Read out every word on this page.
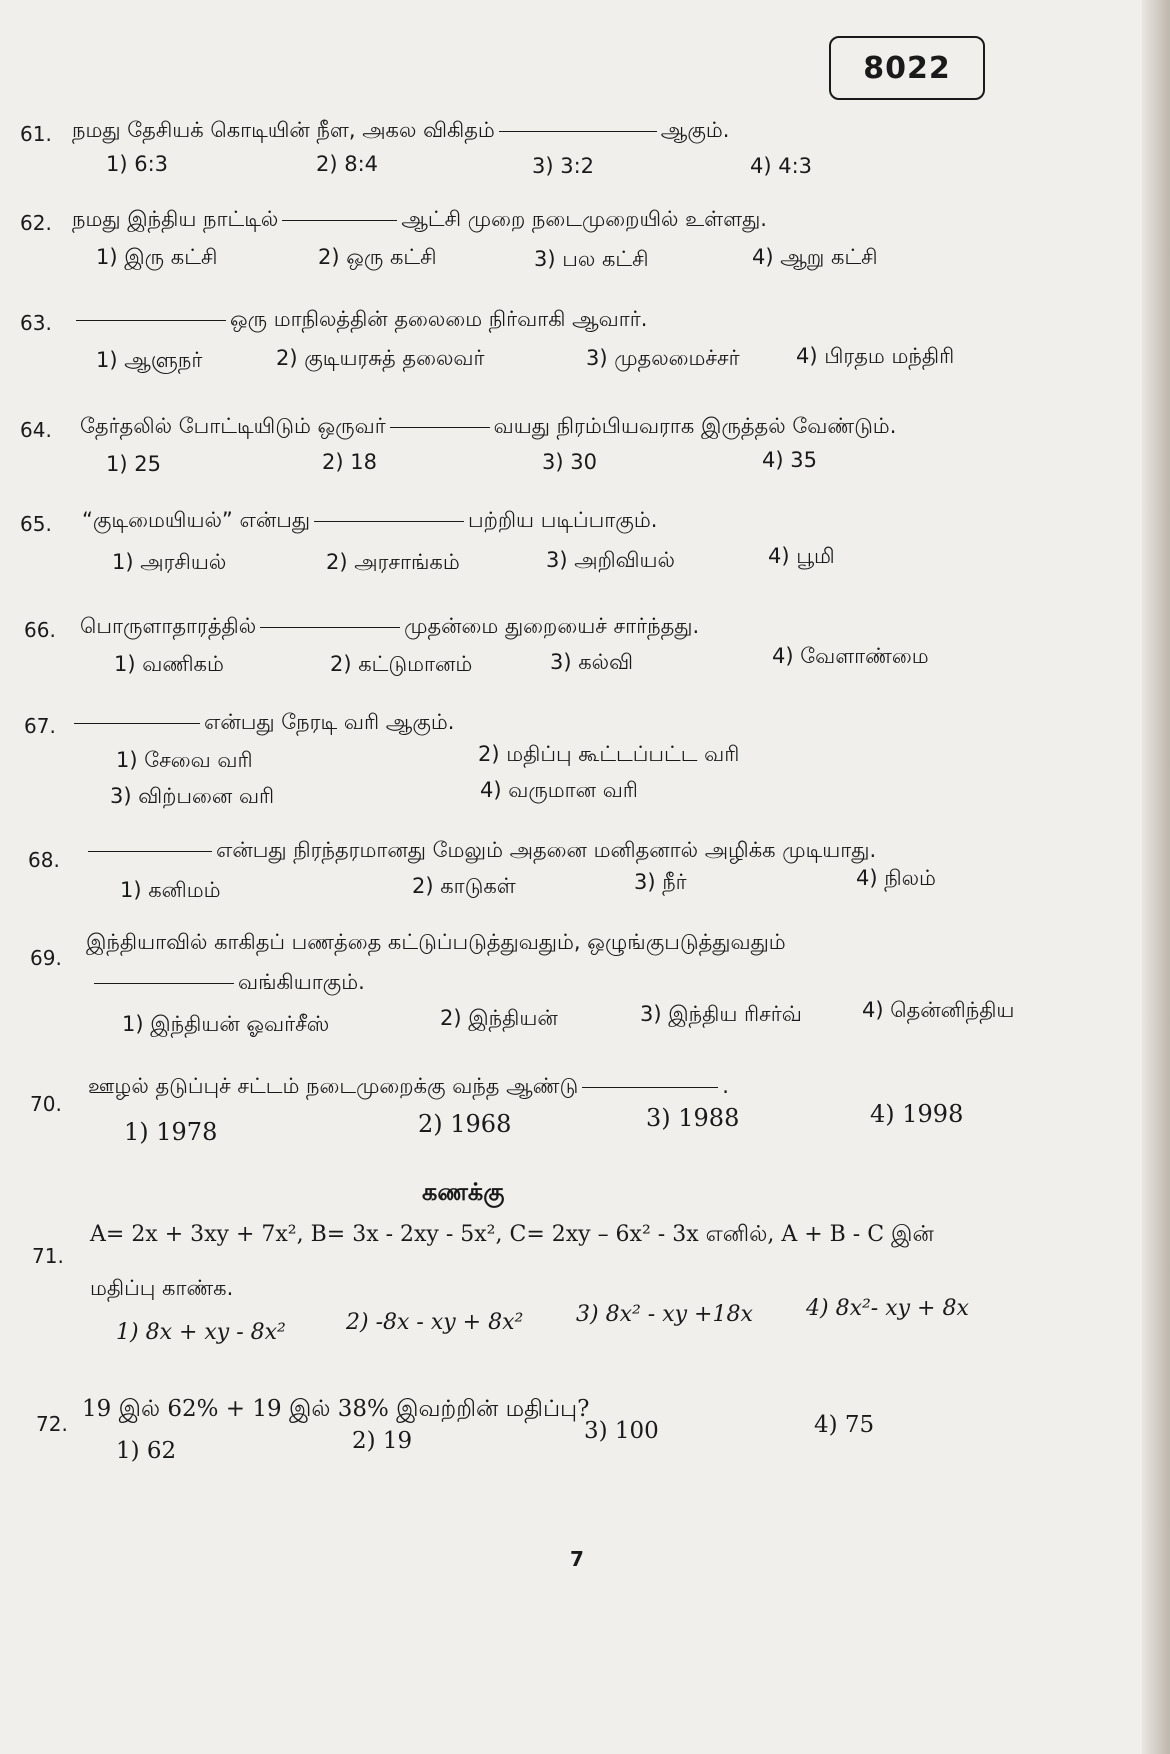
8022
61. நமது தேசியக் கொடியின் நீள, அகல விகிதம்	ஆகும்.
1) 6:3	2) 8:4	3) 3:2	4) 4:3
62. நமது இந்திய நாட்டில்	ஆட்சி முறை நடைமுறையில் உள்ளது.
1) இரு கட்சி	2) ஒரு கட்சி	3) பல கட்சி	4) ஆறு கட்சி
63.	ஒரு மாநிலத்தின் தலைமை நிர்வாகி ஆவார்.
1) ஆளுநர்	2) குடியரசுத் தலைவர்	3) முதலமைச்சர்	4) பிரதம மந்திரி
64. தேர்தலில் போட்டியிடும் ஒருவர்	வயது நிரம்பியவராக இருத்தல் வேண்டும்.
1) 25	2) 18	3) 30	4) 35
65. “குடிமையியல்” என்பது	பற்றிய படிப்பாகும்.
1) அரசியல்	2) அரசாங்கம்	3) அறிவியல்	4) பூமி
66. பொருளாதாரத்தில்	முதன்மை துறையைச் சார்ந்தது.
1) வணிகம்	2) கட்டுமானம்	3) கல்வி	4) வேளாண்மை
67.	என்பது நேரடி வரி ஆகும்.
1) சேவை வரி	2) மதிப்பு கூட்டப்பட்ட வரி
3) விற்பனை வரி	4) வருமான வரி
68.	என்பது நிரந்தரமானது மேலும் அதனை மனிதனால் அழிக்க முடியாது.
1) கனிமம்	2) காடுகள்	3) நீர்	4) நிலம்
69.
இந்தியாவில் காகிதப் பணத்தை கட்டுப்படுத்துவதும், ஒழுங்குபடுத்துவதும்
வங்கியாகும்.
1) இந்தியன் ஓவர்சீஸ்	2) இந்தியன்	3) இந்திய ரிசர்வ்	4) தென்னிந்திய
70.
ஊழல் தடுப்புச் சட்டம் நடைமுறைக்கு வந்த ஆண்டு	.
1) 1978	2) 1968	3) 1988	4) 1998
கணக்கு
71.
A= 2x + 3xy + 7x², B= 3x - 2xy - 5x², C= 2xy – 6x² - 3x எனில், A + B - C இன்
மதிப்பு காண்க.
1) 8x + xy - 8x²	2) -8x - xy + 8x² 3) 8x² - xy +18x 4) 8x²- xy + 8x
72.
19 இல் 62% + 19 இல் 38% இவற்றின் மதிப்பு?
1) 62	2) 19	3) 100	4) 75
7
